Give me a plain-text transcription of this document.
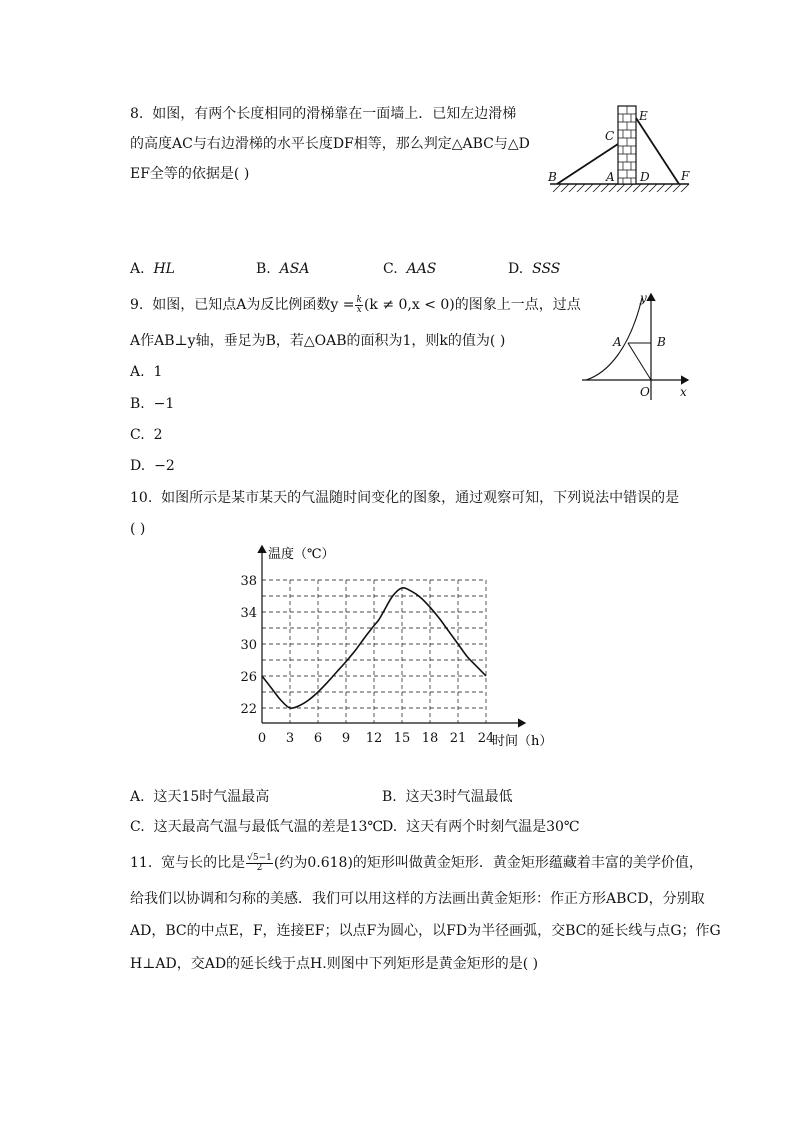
8. 如图，有两个长度相同的滑梯靠在一面墙上．已知左边滑梯
的高度AC与右边滑梯的水平长度DF相等，那么判定△ABC与△D
EF全等的依据是( )	B	A
C
D
E
F
A. HL	B. ASA	C. AAS	D. SSS
9. 如图，已知点A为反比例函数$y = \frac{k}{x} (k \ne 0,x < 0)$的图象上一点，过点
A作AB⊥y轴，垂足为B，若△OAB的面积为1，则k的值为( )
A. 1
B. −1
C. 2
D. −2
y
x
A	B
O
10. 如图所示是某市某天的气温随时间变化的图象，通过观察可知，下列说法中错误的是
( )
温度（℃）
时间（h）
0 3 6 9 12 15 18 21 24
22
26
30
34
38
A. 这天15时气温最高	B. 这天3时气温最低
C. 这天最高气温与最低气温的差是13℃
D. 这天有两个时刻气温是30℃
11. 宽与长的比是 $\frac{√5-1}{2}$ (约为0.618)的矩形叫做黄金矩形．黄金矩形蕴藏着丰富的美学价值，
给我们以协调和匀称的美感．我们可以用这样的方法画出黄金矩形：作正方形ABCD，分别取
AD，BC的中点E，F，连接EF；以点F为圆心，以FD为半径画弧，交BC的延长线与点G；作G
H⊥AD，交AD的延长线于点H.则图中下列矩形是黄金矩形的是( )
